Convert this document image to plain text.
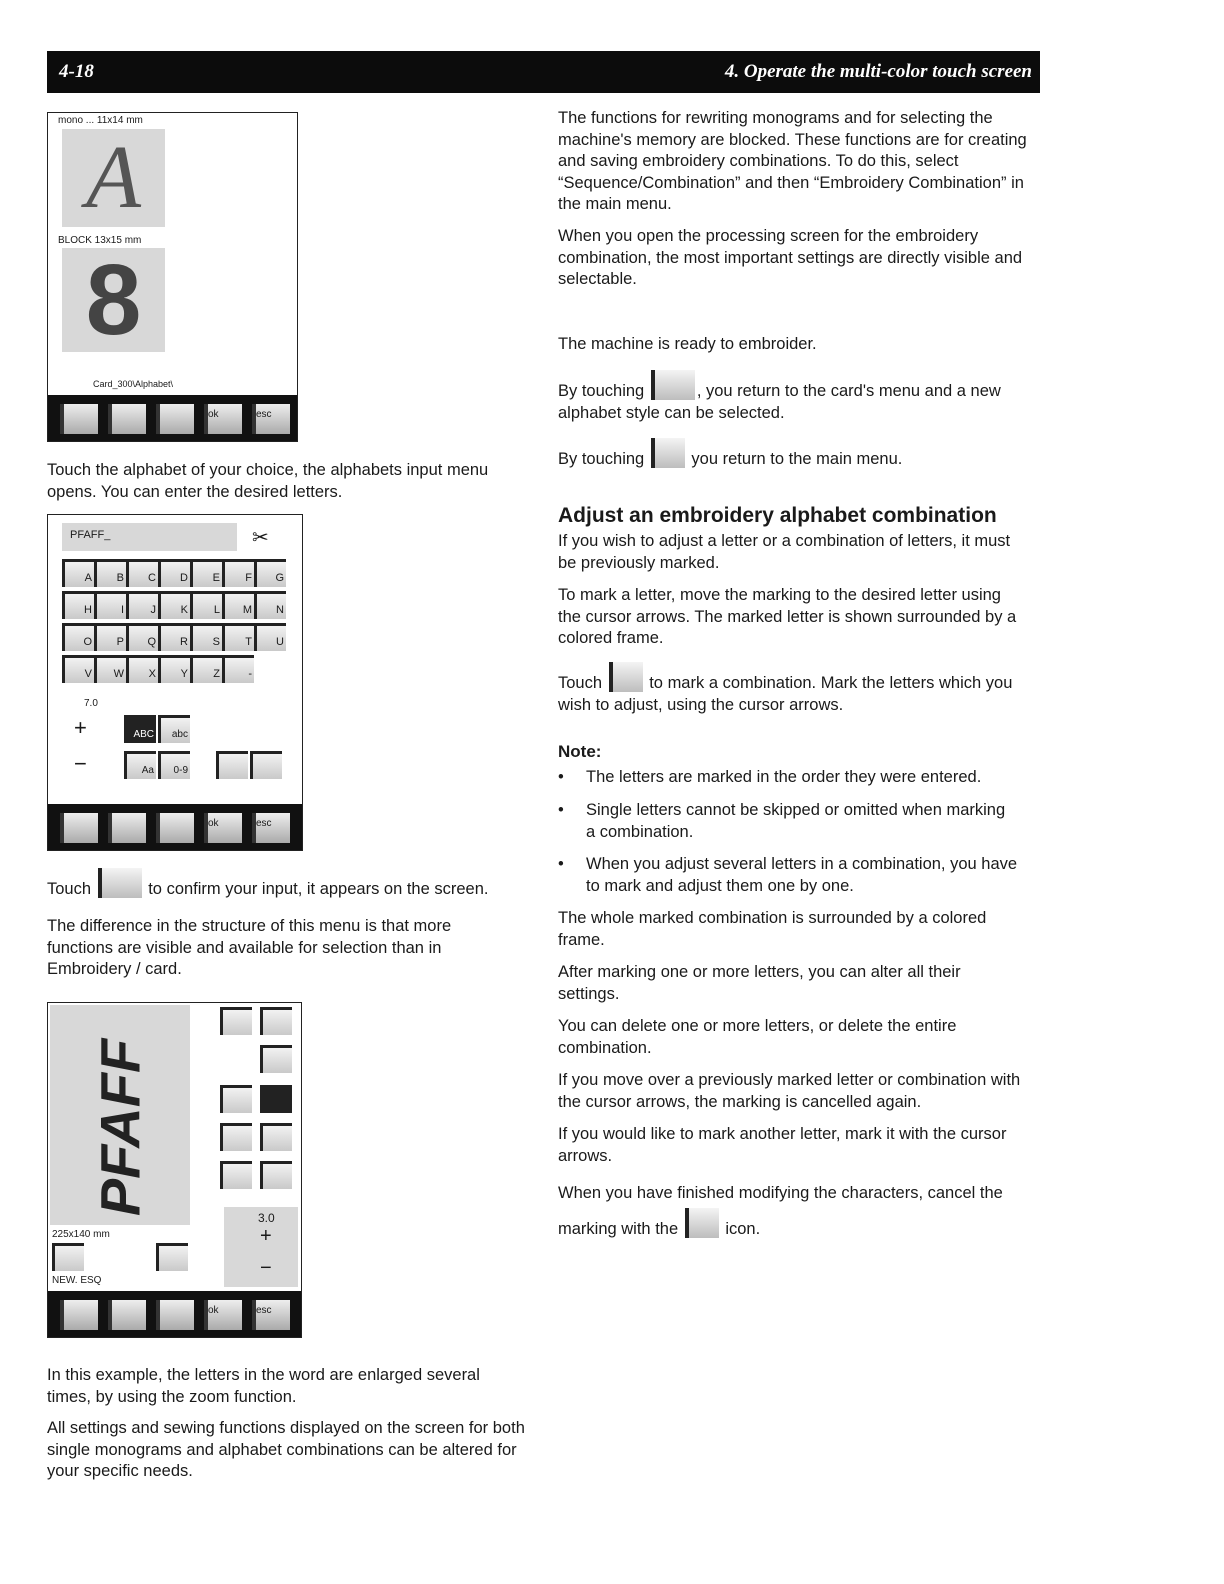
4-18	4. Operate the multi-color touch screen
mono ... 11x14 mm
A
BLOCK 13x15 mm
8
Card_300\Alphabet\
ok	esc
Touch the alphabet of your choice, the alphabets input menu opens. You can enter the desired letters.
PFAFF_	✂
A	B	C	D	E	F	G
H	I	J	K	L	M	N
O	P	Q	R	S	T	U
V	W	X	Y	Z	-
7.0
+	ABC	abc
−	Aa	0-9
ok	esc
Touch	to confirm your input, it appears on the screen.
The difference in the structure of this menu is that more functions are visible and available for selection than in Embroidery / card.
PFAFF
225x140 mm
NEW. ESQ
3.0
+
−
ok	esc
In this example, the letters in the word are enlarged several times, by using the zoom function.
All settings and sewing functions displayed on the screen for both single monograms and alphabet combinations can be altered for your specific needs.
The functions for rewriting monograms and for selecting the machine's memory are blocked. These functions are for creating and saving embroidery combinations. To do this, select “Sequence/Combination” and then “Embroidery Combination” in the main menu.
When you open the processing screen for the embroidery combination, the most important settings are directly visible and selectable.
The machine is ready to embroider.
By touching	, you return to the card's menu and a new alphabet style can be selected.
By touching	you return to the main menu.
Adjust an embroidery alphabet combination
If you wish to adjust a letter or a combination of letters, it must be previously marked.
To mark a letter, move the marking to the desired letter using the cursor arrows. The marked letter is shown surrounded by a colored frame.
Touch	to mark a combination. Mark the letters which you wish to adjust, using the cursor arrows.
Note:
• The letters are marked in the order they were entered.
• Single letters cannot be skipped or omitted when marking a combination.
• When you adjust several letters in a combination, you have to mark and adjust them one by one.
The whole marked combination is surrounded by a colored frame.
After marking one or more letters, you can alter all their settings.
You can delete one or more letters, or delete the entire combination.
If you move over a previously marked letter or combination with the cursor arrows, the marking is cancelled again.
If you would like to mark another letter, mark it with the cursor arrows.
When you have finished modifying the characters, cancel the marking with the	icon.
